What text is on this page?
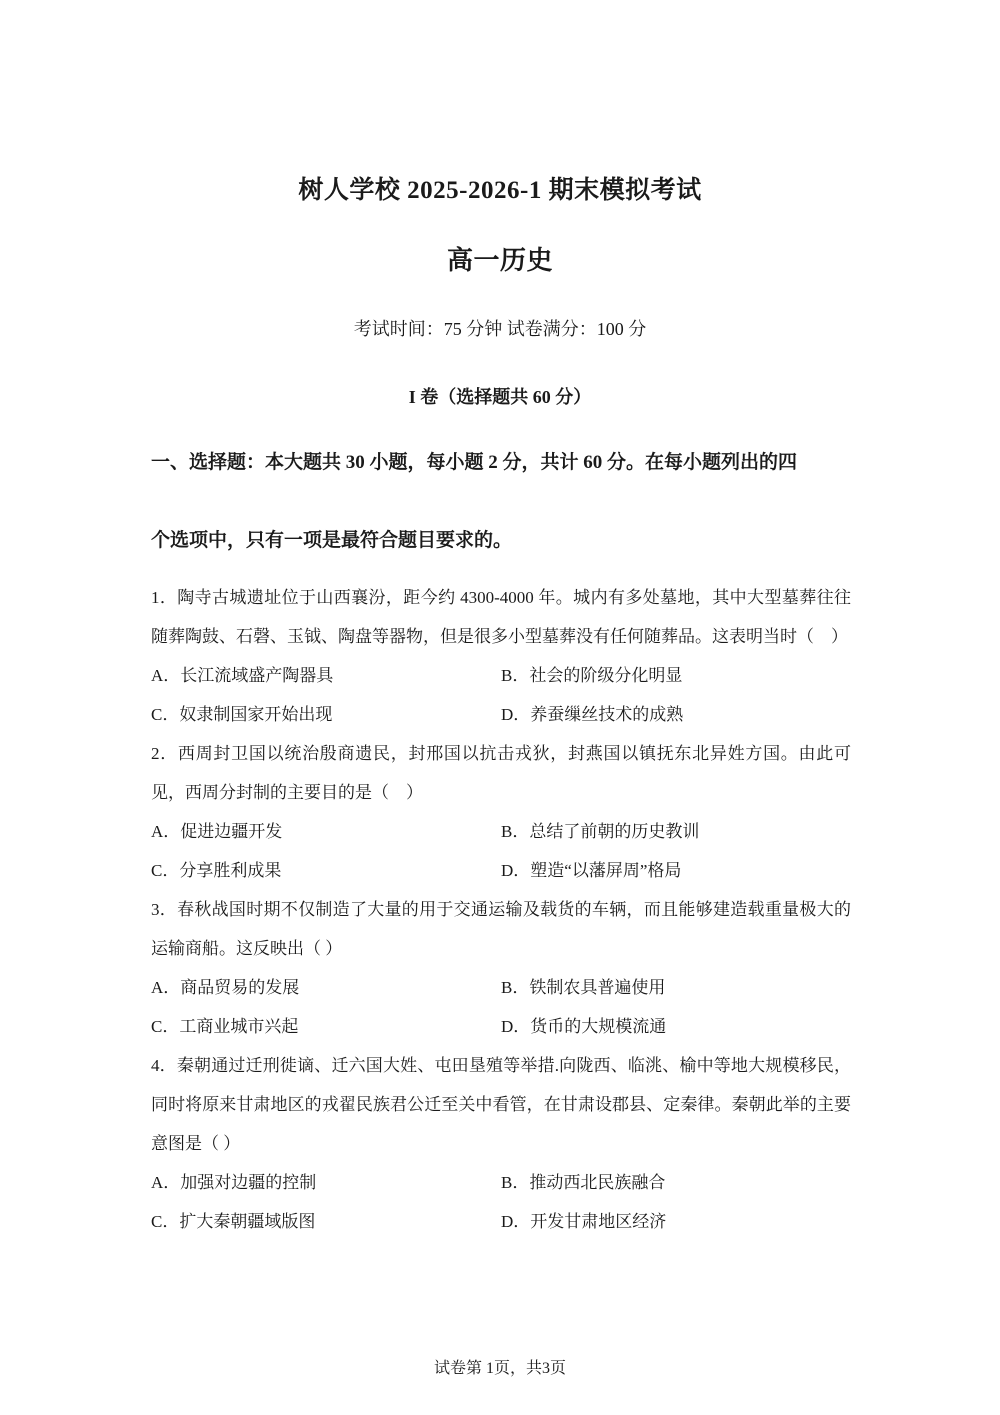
树人学校 2025-2026-1 期末模拟考试
高一历史
考试时间：75 分钟 试卷满分：100 分
I 卷（选择题共 60 分）
一、选择题：本大题共 30 小题，每小题 2 分，共计 60 分。在每小题列出的四
个选项中，只有一项是最符合题目要求的。
1．陶寺古城遗址位于山西襄汾，距今约 4300-4000 年。城内有多处墓地，其中大型墓葬往往随葬陶鼓、石磬、玉钺、陶盘等器物，但是很多小型墓葬没有任何随葬品。这表明当时（　）
A．长江流域盛产陶器具	B．社会的阶级分化明显
C．奴隶制国家开始出现	D．养蚕缫丝技术的成熟
2．西周封卫国以统治殷商遗民，封邢国以抗击戎狄，封燕国以镇抚东北异姓方国。由此可见，西周分封制的主要目的是（　）
A．促进边疆开发	B．总结了前朝的历史教训
C．分享胜利成果	D．塑造“以藩屏周”格局
3．春秋战国时期不仅制造了大量的用于交通运输及载货的车辆，而且能够建造载重量极大的运输商船。这反映出（ ）
A．商品贸易的发展	B．铁制农具普遍使用
C．工商业城市兴起	D．货币的大规模流通
4．秦朝通过迁刑徙谪、迁六国大姓、屯田垦殖等举措.向陇西、临洮、榆中等地大规模移民，同时将原来甘肃地区的戎翟民族君公迁至关中看管，在甘肃设郡县、定秦律。秦朝此举的主要意图是（ ）
A．加强对边疆的控制	B．推动西北民族融合
C．扩大秦朝疆域版图	D．开发甘肃地区经济
试卷第 1页，共3页
